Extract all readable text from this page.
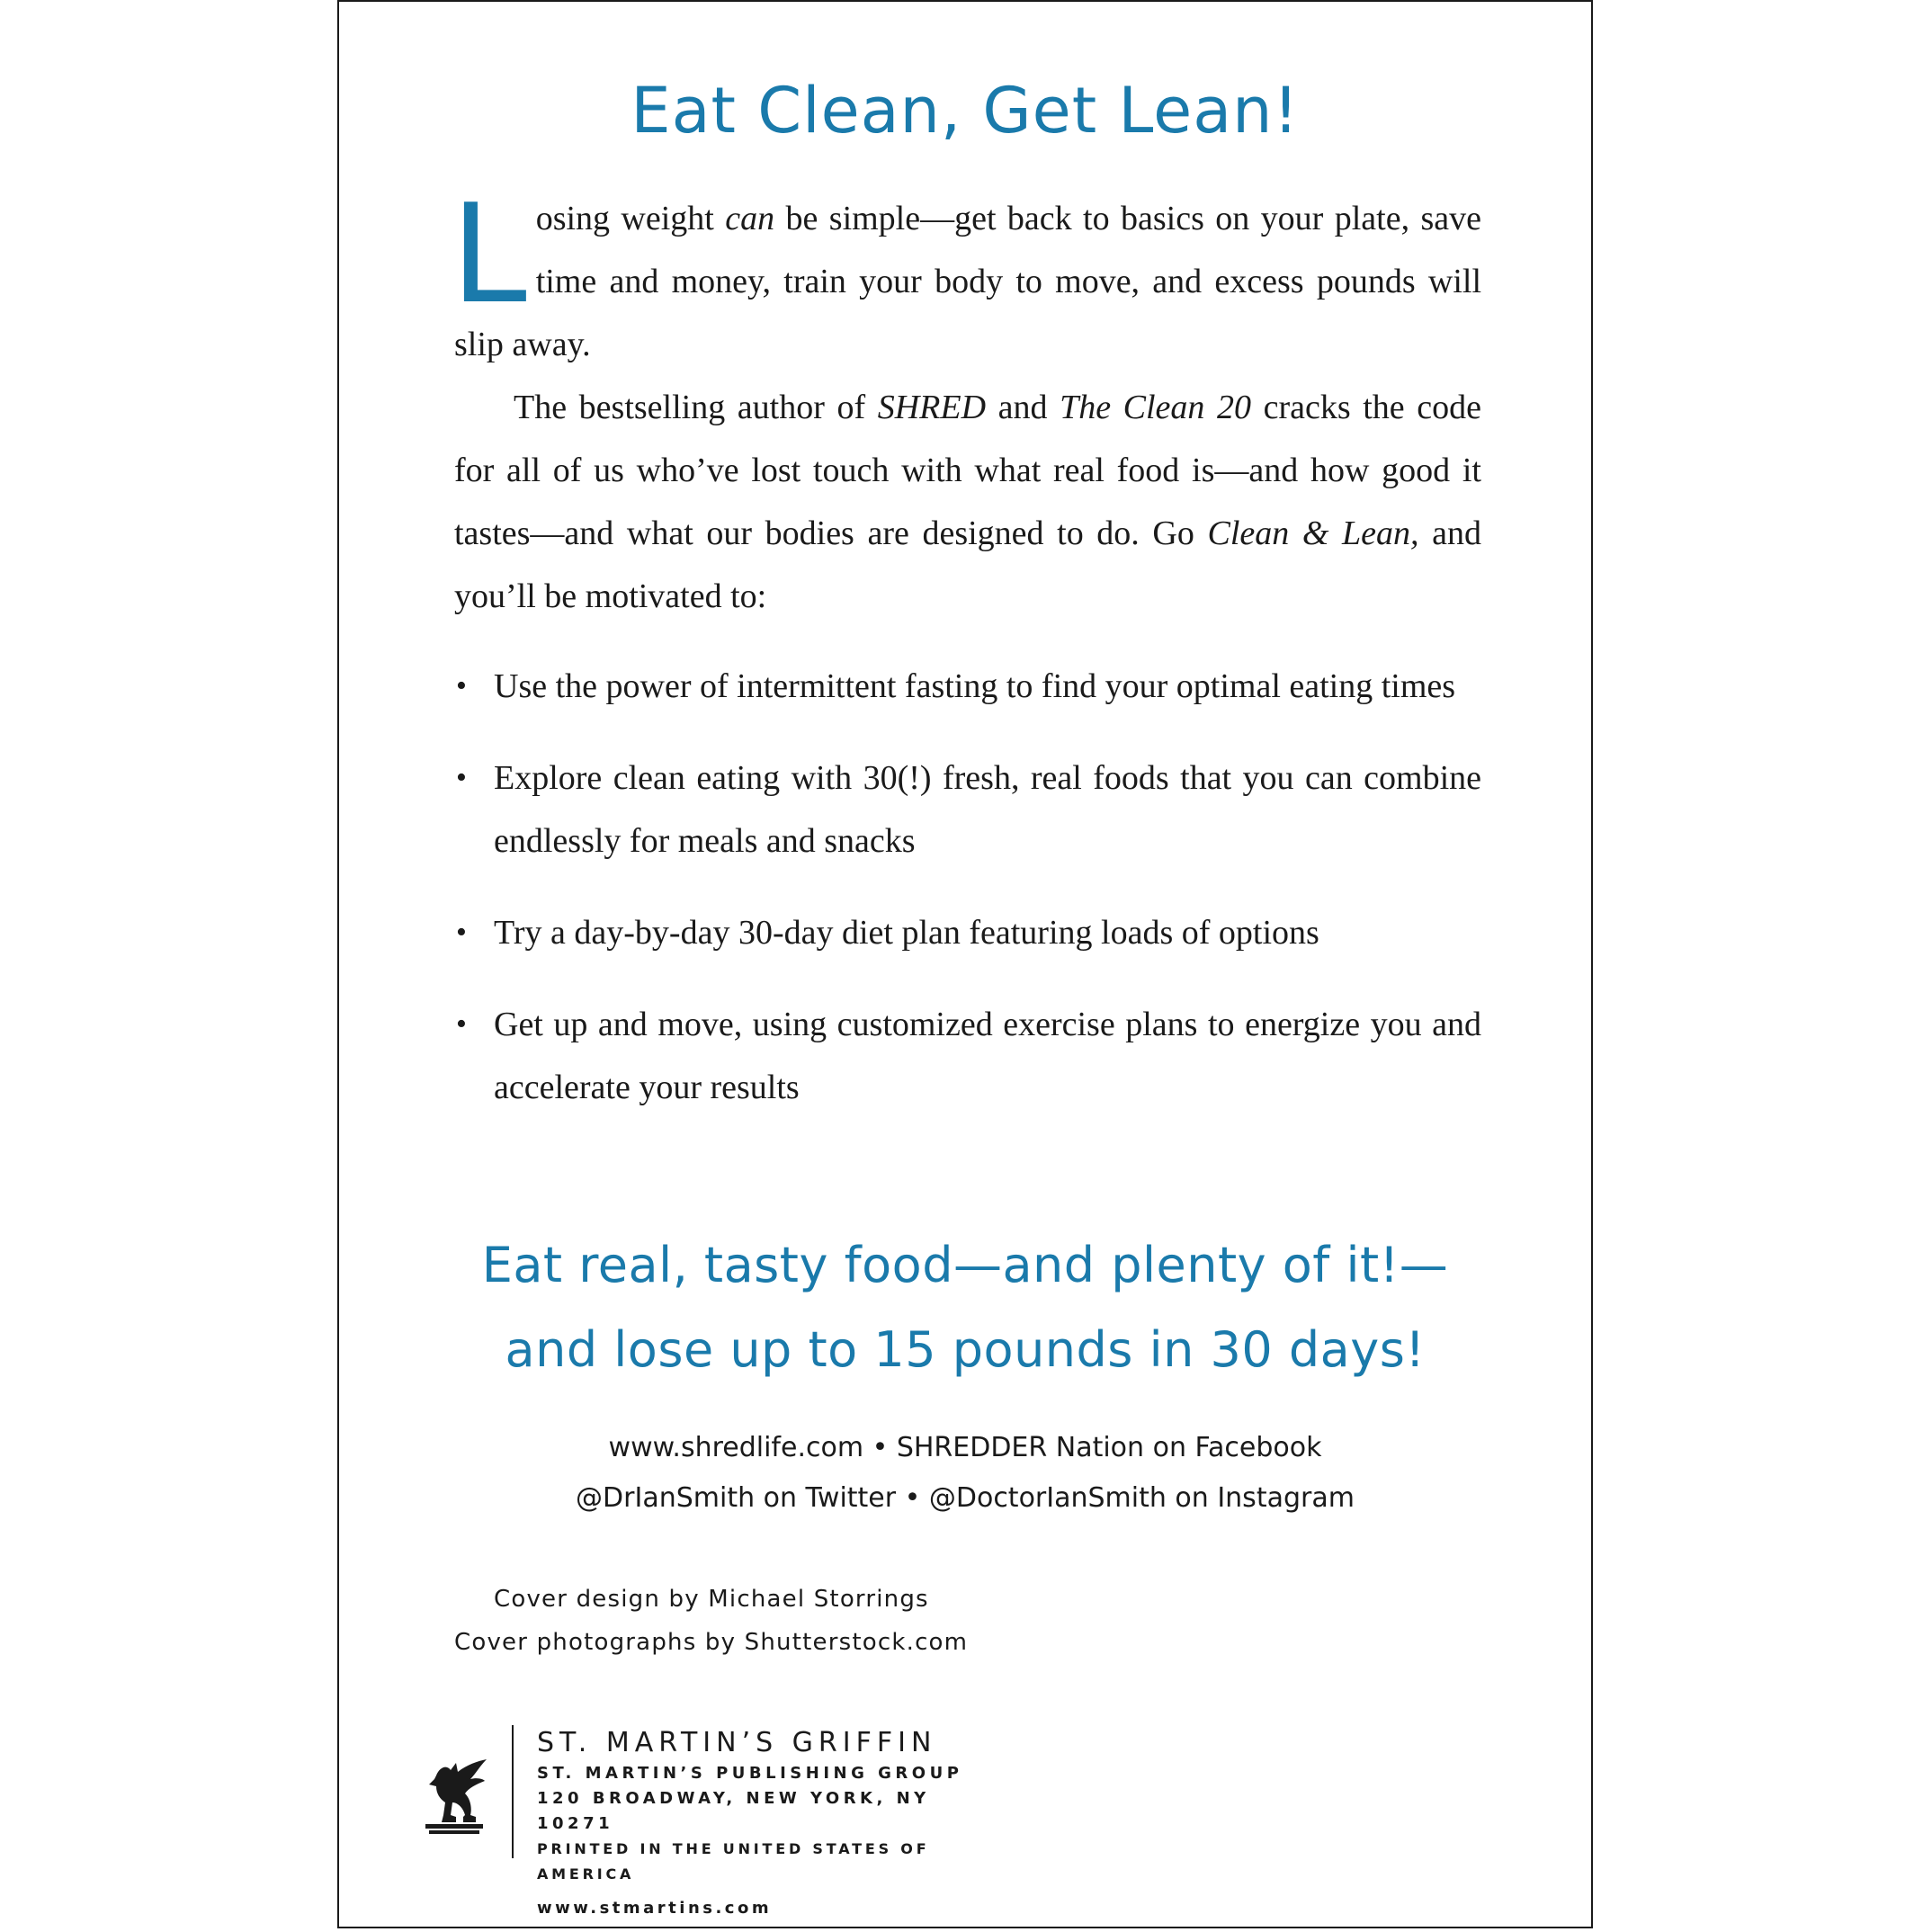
Eat Clean, Get Lean!

Losing weight can be simple—get back to basics on your plate, save time and money, train your body to move, and excess pounds will slip away.

The bestselling author of SHRED and The Clean 20 cracks the code for all of us who’ve lost touch with what real food is—and how good it tastes—and what our bodies are designed to do. Go Clean & Lean, and you’ll be motivated to:

• Use the power of intermittent fasting to find your optimal eating times
• Explore clean eating with 30(!) fresh, real foods that you can combine endlessly for meals and snacks
• Try a day-by-day 30-day diet plan featuring loads of options
• Get up and move, using customized exercise plans to energize you and accelerate your results
Eat real, tasty food—and plenty of it!—
and lose up to 15 pounds in 30 days!
www.shredlife.com • SHREDDER Nation on Facebook
@DrIanSmith on Twitter • @DoctorIanSmith on Instagram
Cover design by Michael Storrings
Cover photographs by Shutterstock.com
ST. MARTIN’S GRIFFIN
ST. MARTIN’S PUBLISHING GROUP
120 BROADWAY, NEW YORK, NY 10271
PRINTED IN THE UNITED STATES OF AMERICA
www.stmartins.com
